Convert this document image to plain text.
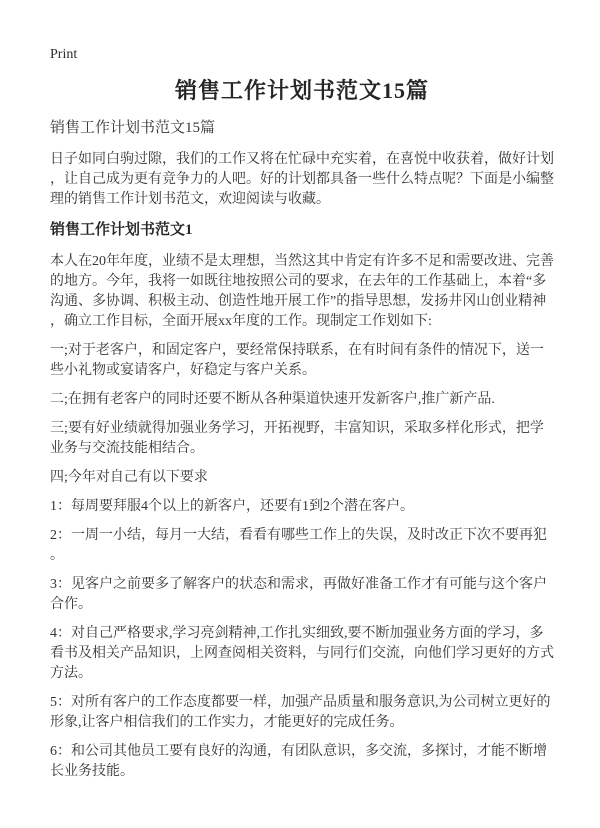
Print
销售工作计划书范文15篇
销售工作计划书范文15篇

日子如同白驹过隙，我们的工作又将在忙碌中充实着，在喜悦中收获着，做好计划，让自己成为更有竞争力的人吧。好的计划都具备一些什么特点呢？下面是小编整理的销售工作计划书范文，欢迎阅读与收藏。

销售工作计划书范文1

本人在20年年度，业绩不是太理想，当然这其中肯定有许多不足和需要改进、完善的地方。今年，我将一如既往地按照公司的要求，在去年的工作基础上，本着“多沟通、多协调、积极主动、创造性地开展工作”的指导思想，发扬井冈山创业精神，确立工作目标，全面开展xx年度的工作。现制定工作划如下:

一;对于老客户，和固定客户，要经常保持联系，在有时间有条件的情况下，送一些小礼物或宴请客户，好稳定与客户关系。

二;在拥有老客户的同时还要不断从各种渠道快速开发新客户,推广新产品.

三;要有好业绩就得加强业务学习，开拓视野，丰富知识，采取多样化形式，把学业务与交流技能相结合。

四;今年对自己有以下要求

1：每周要拜服4个以上的新客户，还要有1到2个潜在客户。

2：一周一小结，每月一大结，看看有哪些工作上的失误，及时改正下次不要再犯。

3：见客户之前要多了解客户的状态和需求，再做好准备工作才有可能与这个客户合作。

4：对自己严格要求,学习亮剑精神,工作扎实细致,要不断加强业务方面的学习，多看书及相关产品知识，上网查阅相关资料，与同行们交流，向他们学习更好的方式方法。

5：对所有客户的工作态度都要一样，加强产品质量和服务意识,为公司树立更好的形象,让客户相信我们的工作实力，才能更好的完成任务。

6：和公司其他员工要有良好的沟通，有团队意识，多交流，多探讨，才能不断增长业务技能。
